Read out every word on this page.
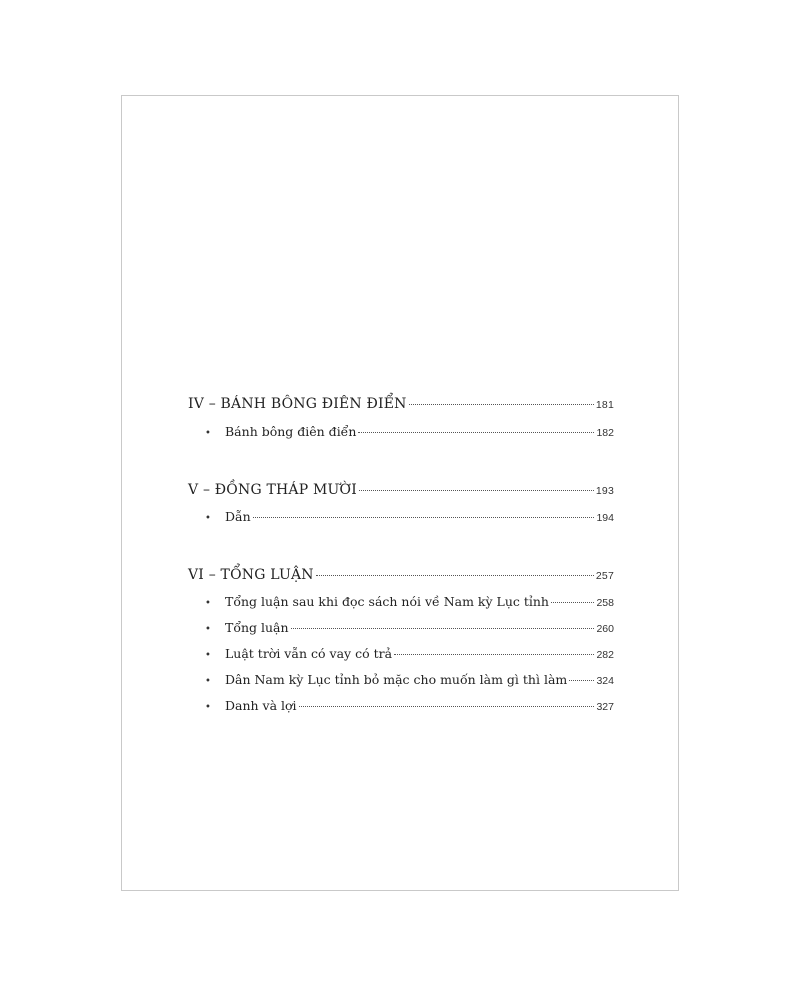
IV – BÁNH BÔNG ĐIÊN ĐIỂN	181
•	Bánh bông điên điển	182
V – ĐỒNG THÁP MƯỜI	193
•	Dẫn	194
VI – TỔNG LUẬN	257
•	Tổng luận sau khi đọc sách nói về Nam kỳ Lục tỉnh	258
•	Tổng luận	260
•	Luật trời vẫn có vay có trả	282
•	Dân Nam kỳ Lục tỉnh bỏ mặc cho muốn làm gì thì làm	324
•	Danh và lợi	327
